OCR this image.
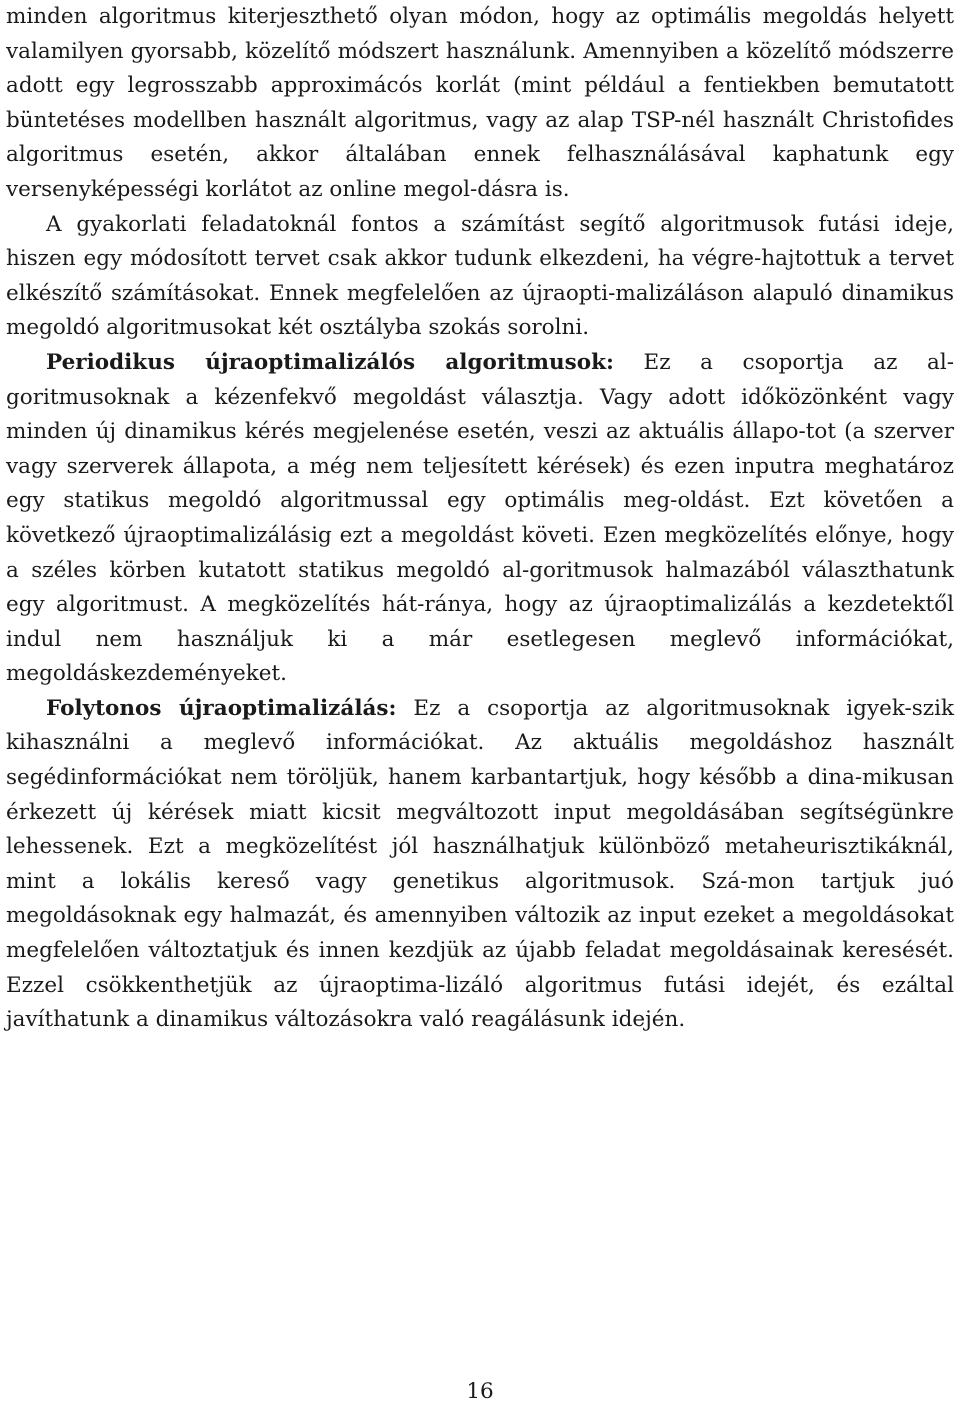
minden algoritmus kiterjeszthető olyan módon, hogy az optimális megoldás helyett valamilyen gyorsabb, közelítő módszert használunk. Amennyiben a közelítő módszerre adott egy legrosszabb approximácós korlát (mint például a fentiekben bemutatott büntetéses modellben használt algoritmus, vagy az alap TSP-nél használt Christofides algoritmus esetén, akkor általában ennek felhasználásával kaphatunk egy versenyképességi korlátot az online megol-dásra is.

A gyakorlati feladatoknál fontos a számítást segítő algoritmusok futási ideje, hiszen egy módosított tervet csak akkor tudunk elkezdeni, ha végre-hajtottuk a tervet elkészítő számításokat. Ennek megfelelően az újraopti-malizáláson alapuló dinamikus megoldó algoritmusokat két osztályba szokás sorolni.

Periodikus újraoptimalizálós algoritmusok: Ez a csoportja az al-goritmusoknak a kézenfekvő megoldást választja. Vagy adott időközönként vagy minden új dinamikus kérés megjelenése esetén, veszi az aktuális állapo-tot (a szerver vagy szerverek állapota, a még nem teljesített kérések) és ezen inputra meghatároz egy statikus megoldó algoritmussal egy optimális meg-oldást. Ezt követően a következő újraoptimalizálásig ezt a megoldást követi. Ezen megközelítés előnye, hogy a széles körben kutatott statikus megoldó al-goritmusok halmazából választhatunk egy algoritmust. A megközelítés hát-ránya, hogy az újraoptimalizálás a kezdetektől indul nem használjuk ki a már esetlegesen meglevő információkat, megoldáskezdeményeket.

Folytonos újraoptimalizálás: Ez a csoportja az algoritmusoknak igyek-szik kihasználni a meglevő információkat. Az aktuális megoldáshoz használt segédinformációkat nem töröljük, hanem karbantartjuk, hogy később a dina-mikusan érkezett új kérések miatt kicsit megváltozott input megoldásában segítségünkre lehessenek. Ezt a megközelítést jól használhatjuk különböző metaheurisztikáknál, mint a lokális kereső vagy genetikus algoritmusok. Szá-mon tartjuk juó megoldásoknak egy halmazát, és amennyiben változik az input ezeket a megoldásokat megfelelően változtatjuk és innen kezdjük az újabb feladat megoldásainak keresését. Ezzel csökkenthetjük az újraoptima-lizáló algoritmus futási idejét, és ezáltal javíthatunk a dinamikus változásokra való reagálásunk idején.

16
